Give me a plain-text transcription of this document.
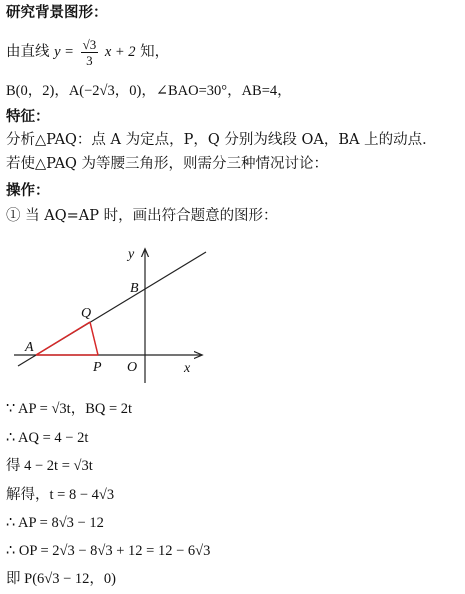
研究背景图形：
由直线 $y = \frac{√3}{3}$ x + 2 知，
B(0，2)，A(−2√3，0)，∠BAO=30°，AB=4，
特征：
分析△PAQ：点 A 为定点，P，Q 分别为线段 OA，BA 上的动点．
若使△PAQ 为等腰三角形，则需分三种情况讨论：
操作：
① 当 AQ=AP 时，画出符合题意的图形：
y
x
B
Q
A
P O
∵ AP = √3t，BQ = 2t
∴ AQ = 4 − 2t
得 4 − 2t = √3t
解得，t = 8 − 4√3
∴ AP = 8√3 − 12
∴ OP = 2√3 − 8√3 + 12 = 12 − 6√3
即 P(6√3 − 12，0)
